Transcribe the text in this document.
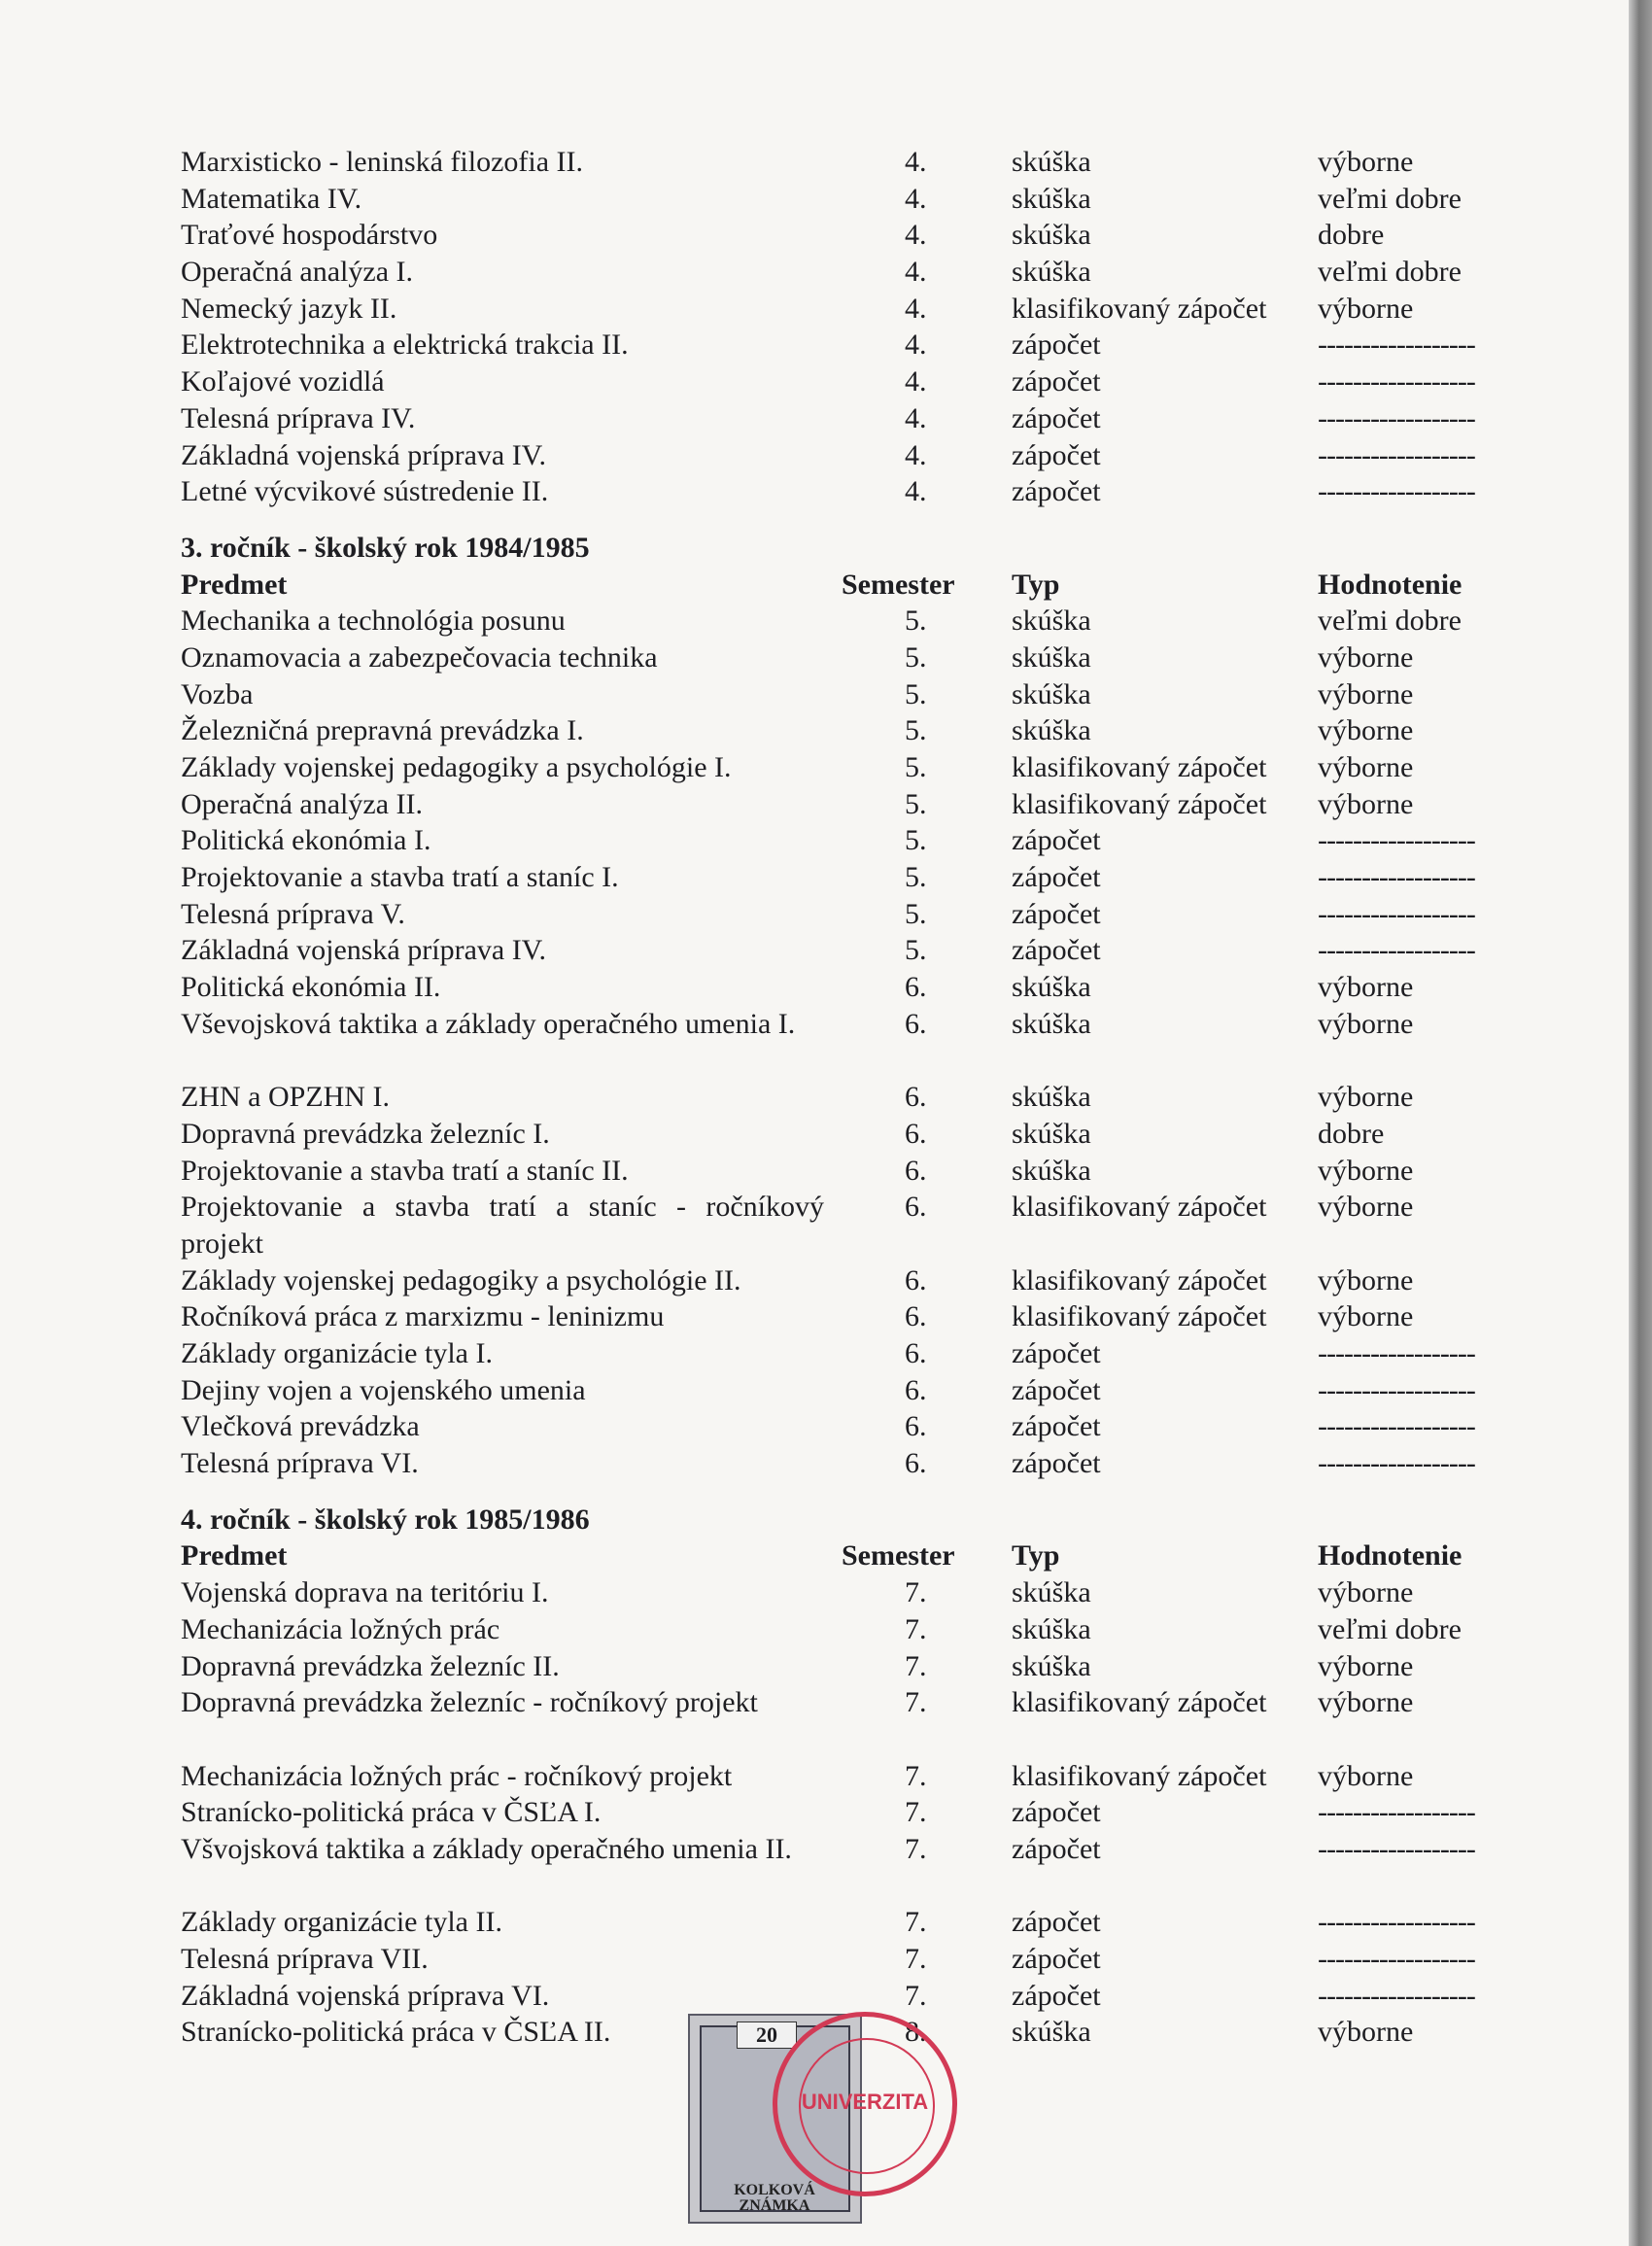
Marxisticko - leninská filozofia II.	4.	skúška	výborne
Matematika IV.	4.	skúška	veľmi dobre
Traťové hospodárstvo	4.	skúška	dobre
Operačná analýza I.	4.	skúška	veľmi dobre
Nemecký jazyk II.	4.	klasifikovaný zápočet výborne
Elektrotechnika a elektrická trakcia II.	4.	zápočet	------------------
Koľajové vozidlá	4.	zápočet	------------------
Telesná príprava IV.	4.	zápočet	------------------
Základná vojenská príprava IV.	4.	zápočet	------------------
Letné výcvikové sústredenie II.	4.	zápočet	------------------
3. ročník - školský rok 1984/1985
Predmet	Semester Typ	Hodnotenie
Mechanika a technológia posunu	5.	skúška	veľmi dobre
Oznamovacia a zabezpečovacia technika	5.	skúška	výborne
Vozba	5.	skúška	výborne
Železničná prepravná prevádzka I.	5.	skúška	výborne
Základy vojenskej pedagogiky a psychológie I.	5.	klasifikovaný zápočet výborne
Operačná analýza II.	5.	klasifikovaný zápočet výborne
Politická ekonómia I.	5.	zápočet	------------------
Projektovanie a stavba tratí a staníc I.	5.	zápočet	------------------
Telesná príprava V.	5.	zápočet	------------------
Základná vojenská príprava IV.	5.	zápočet	------------------
Politická ekonómia II.	6.	skúška	výborne
Vševojsková taktika a základy operačného umenia I.	6.	skúška	výborne
ZHN a OPZHN I.	6.	skúška	výborne
Dopravná prevádzka železníc I.	6.	skúška	dobre
Projektovanie a stavba tratí a staníc II.	6.	skúška	výborne
Projektovanie a stavba tratí a staníc - ročníkový projekt
6.	klasifikovaný zápočet výborne
Základy vojenskej pedagogiky a psychológie II.	6.	klasifikovaný zápočet výborne
Ročníková práca z marxizmu - leninizmu	6.	klasifikovaný zápočet výborne
Základy organizácie tyla I.	6.	zápočet	------------------
Dejiny vojen a vojenského umenia	6.	zápočet	------------------
Vlečková prevádzka	6.	zápočet	------------------
Telesná príprava VI.	6.	zápočet	------------------
4. ročník - školský rok 1985/1986
Predmet	Semester Typ	Hodnotenie
Vojenská doprava na teritóriu I.	7.	skúška	výborne
Mechanizácia ložných prác	7.	skúška	veľmi dobre
Dopravná prevádzka železníc II.	7.	skúška	výborne
Dopravná prevádzka železníc - ročníkový projekt	7.	klasifikovaný zápočet výborne
Mechanizácia ložných prác - ročníkový projekt	7.	klasifikovaný zápočet výborne
Stranícko-politická práca v ČSĽA I.	7.	zápočet	------------------
Všvojsková taktika a základy operačného umenia II.	7.	zápočet	------------------
Základy organizácie tyla II.	7.	zápočet	------------------
Telesná príprava VII.	7.	zápočet	------------------
Základná vojenská príprava VI.	7.	zápočet	------------------
Stranícko-politická práca v ČSĽA II.	8.	skúška	výborne
20
KOLKOVÁ ZNÁMKA
UNIVERZITA
